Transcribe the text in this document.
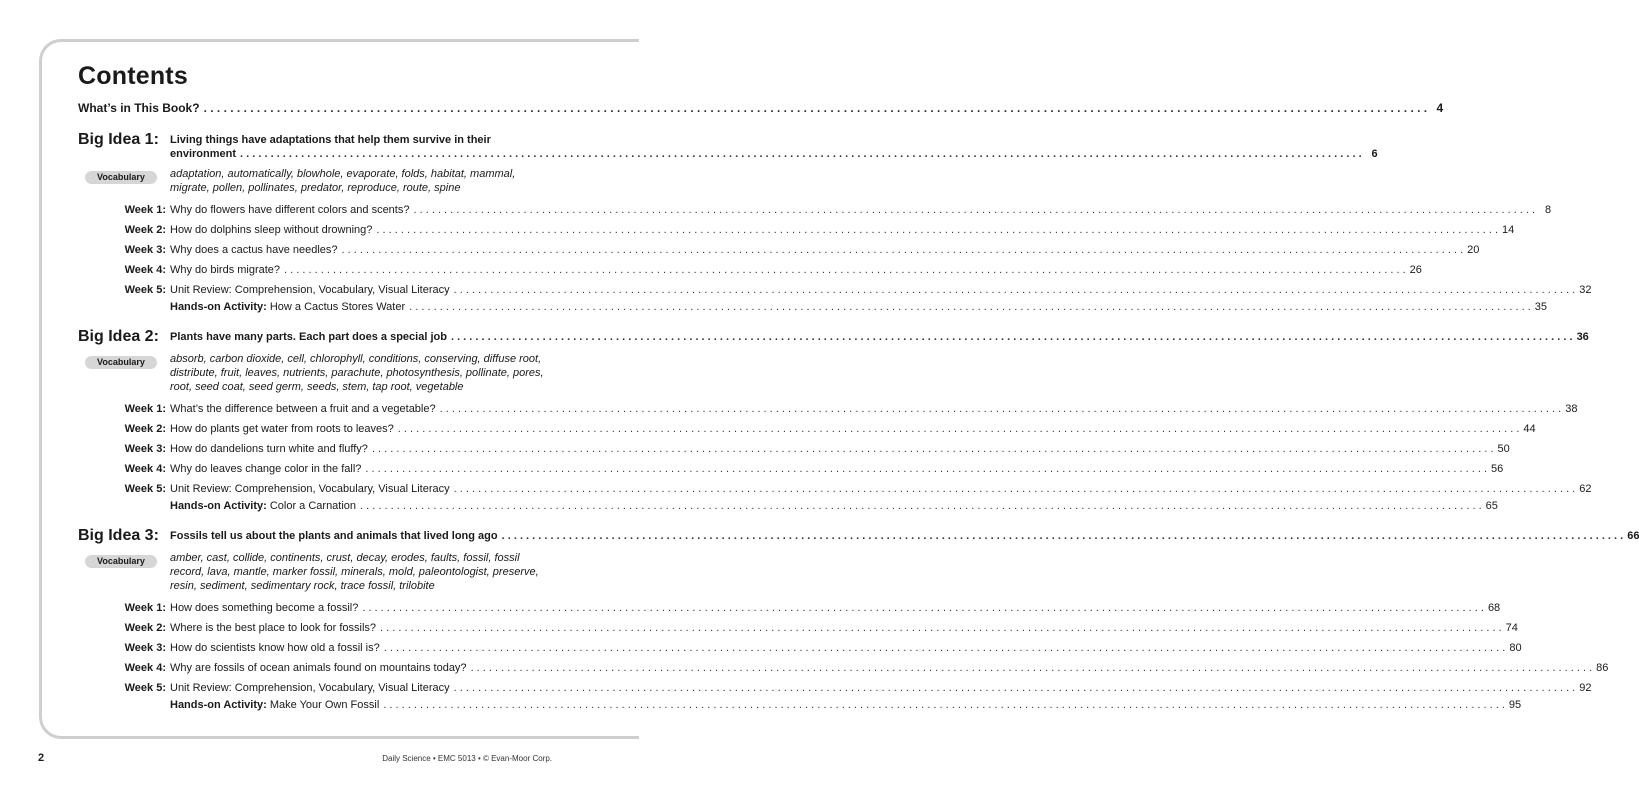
Contents
What’s in This Book? . . .	4
Big Idea 1:	Living things have adaptations that help them survive in their
environment . . .	6
Vocabulary	adaptation, automatically, blowhole, evaporate, folds, habitat, mammal, migrate, pollen, pollinates, predator, reproduce, route, spine
Week 1: Why do flowers have different colors and scents? . . .	8
Week 2: How do dolphins sleep without drowning? . . .	14
Week 3: Why does a cactus have needles? . . .	20
Week 4: Why do birds migrate? . . .	26
Week 5: Unit Review: Comprehension, Vocabulary, Visual Literacy . . .	32
Hands-on Activity: How a Cactus Stores Water . . .	35
Big Idea 2:	Plants have many parts. Each part does a special job . . .	36
Vocabulary	absorb, carbon dioxide, cell, chlorophyll, conditions, conserving, diffuse root, distribute, fruit, leaves, nutrients, parachute, photosynthesis, pollinate, pores, root, seed coat, seed germ, seeds, stem, tap root, vegetable
Week 1: What’s the difference between a fruit and a vegetable? . . .	38
Week 2: How do plants get water from roots to leaves? . . .	44
Week 3: How do dandelions turn white and fluffy? . . .	50
Week 4: Why do leaves change color in the fall? . . .	56
Week 5: Unit Review: Comprehension, Vocabulary, Visual Literacy . . .	62
Hands-on Activity: Color a Carnation . . .	65
Big Idea 3:	Fossils tell us about the plants and animals that lived long ago . . .	66
Vocabulary	amber, cast, collide, continents, crust, decay, erodes, faults, fossil, fossil record, lava, mantle, marker fossil, minerals, mold, paleontologist, preserve, resin, sediment, sedimentary rock, trace fossil, trilobite
Week 1: How does something become a fossil? . . .	68
Week 2: Where is the best place to look for fossils? . . .	74
Week 3: How do scientists know how old a fossil is? . . .	80
Week 4: Why are fossils of ocean animals found on mountains today? . . .	86
Week 5: Unit Review: Comprehension, Vocabulary, Visual Literacy . . .	92
Hands-on Activity: Make Your Own Fossil . . .	95
2	Daily Science • EMC 5013 • © Evan-Moor Corp.
